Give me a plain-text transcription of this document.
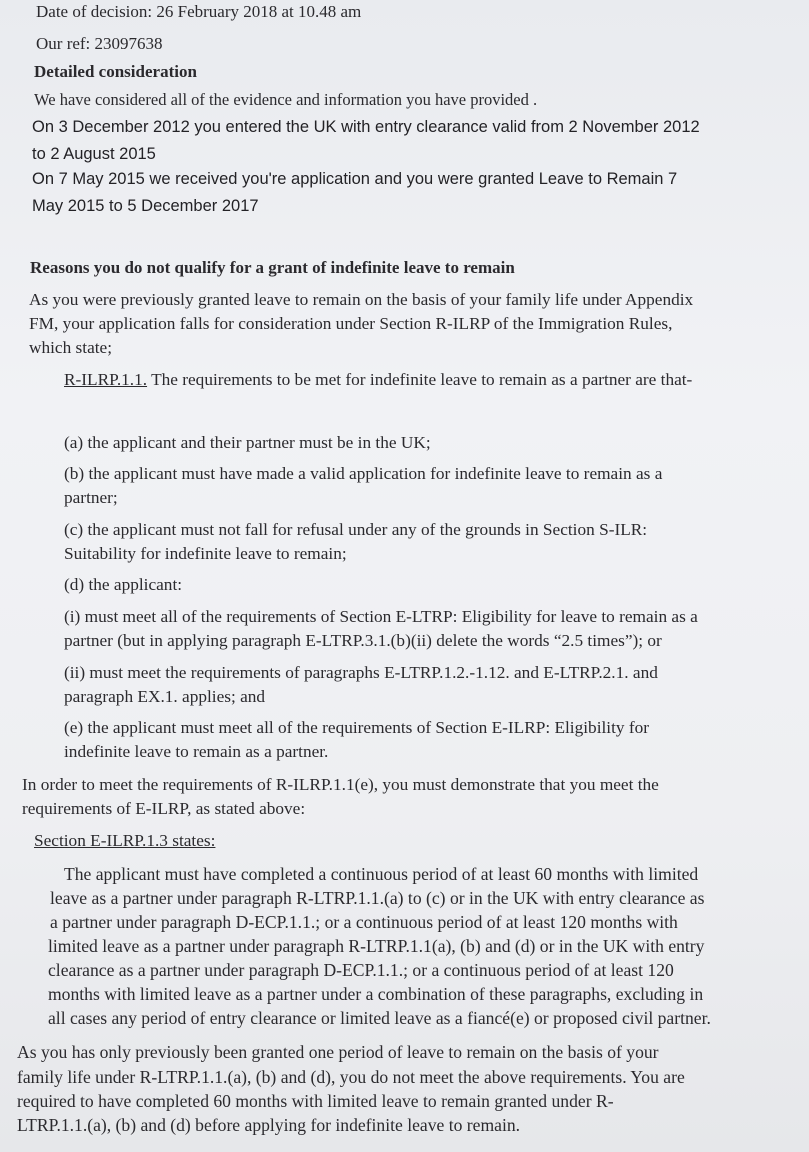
Date of decision: 26 February 2018 at 10.48 am
Our ref: 23097638
Detailed consideration
We have considered all of the evidence and information you have provided .
On 3 December 2012 you entered the UK with entry clearance valid from 2 November 2012
to 2 August 2015
On 7 May 2015 we received you're application and you were granted Leave to Remain 7
May 2015 to 5 December 2017
Reasons you do not qualify for a grant of indefinite leave to remain
As you were previously granted leave to remain on the basis of your family life under Appendix
FM, your application falls for consideration under Section R-ILRP of the Immigration Rules,
which state;
R-ILRP.1.1. The requirements to be met for indefinite leave to remain as a partner are that-
(a) the applicant and their partner must be in the UK;
(b) the applicant must have made a valid application for indefinite leave to remain as a
partner;
(c) the applicant must not fall for refusal under any of the grounds in Section S-ILR:
Suitability for indefinite leave to remain;
(d) the applicant:
(i) must meet all of the requirements of Section E-LTRP: Eligibility for leave to remain as a
partner (but in applying paragraph E-LTRP.3.1.(b)(ii) delete the words “2.5 times”); or
(ii) must meet the requirements of paragraphs E-LTRP.1.2.-1.12. and E-LTRP.2.1. and
paragraph EX.1. applies; and
(e) the applicant must meet all of the requirements of Section E-ILRP: Eligibility for
indefinite leave to remain as a partner.
In order to meet the requirements of R-ILRP.1.1(e), you must demonstrate that you meet the
requirements of E-ILRP, as stated above:
Section E-ILRP.1.3 states:
The applicant must have completed a continuous period of at least 60 months with limited
leave as a partner under paragraph R-LTRP.1.1.(a) to (c) or in the UK with entry clearance as
a partner under paragraph D-ECP.1.1.; or a continuous period of at least 120 months with
limited leave as a partner under paragraph R-LTRP.1.1(a), (b) and (d) or in the UK with entry
clearance as a partner under paragraph D-ECP.1.1.; or a continuous period of at least 120
months with limited leave as a partner under a combination of these paragraphs, excluding in
all cases any period of entry clearance or limited leave as a fiancé(e) or proposed civil partner.
As you has only previously been granted one period of leave to remain on the basis of your
family life under R-LTRP.1.1.(a), (b) and (d), you do not meet the above requirements. You are
required to have completed 60 months with limited leave to remain granted under R-
LTRP.1.1.(a), (b) and (d) before applying for indefinite leave to remain.
